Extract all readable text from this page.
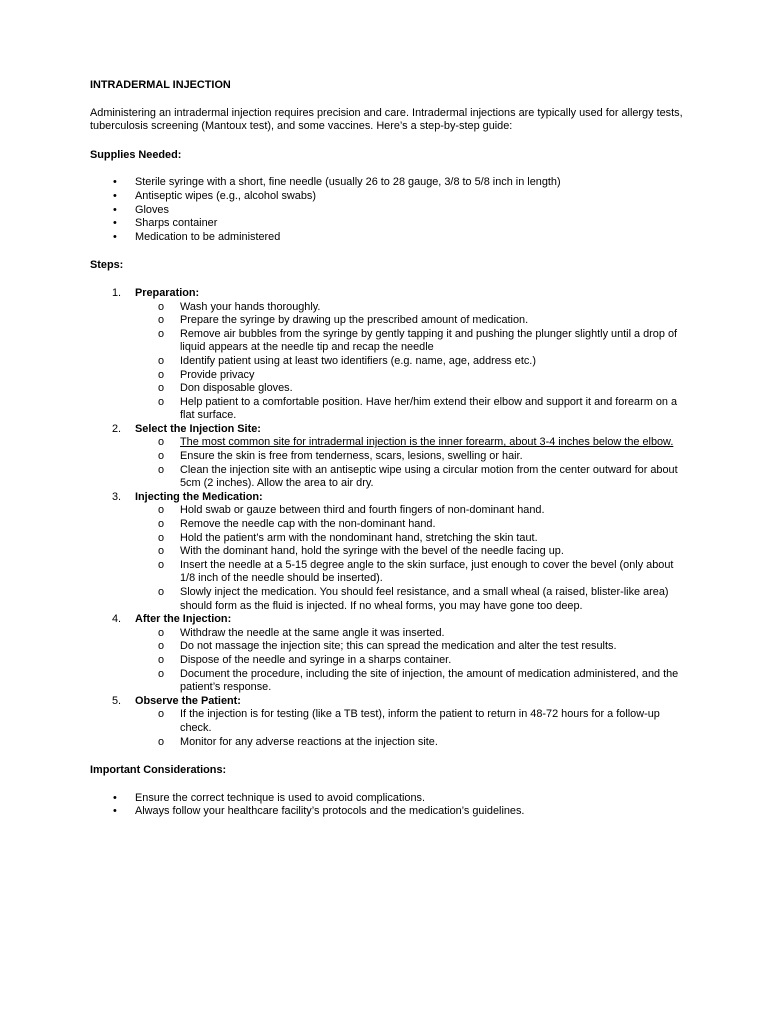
INTRADERMAL INJECTION

Administering an intradermal injection requires precision and care. Intradermal injections are typically used for allergy tests, tuberculosis screening (Mantoux test), and some vaccines. Here’s a step-by-step guide:

Supplies Needed:

• Sterile syringe with a short, fine needle (usually 26 to 28 gauge, 3/8 to 5/8 inch in length)
• Antiseptic wipes (e.g., alcohol swabs)
• Gloves
• Sharps container
• Medication to be administered

Steps:

1. Preparation:
o Wash your hands thoroughly.
o Prepare the syringe by drawing up the prescribed amount of medication.
o Remove air bubbles from the syringe by gently tapping it and pushing the plunger slightly until a drop of liquid appears at the needle tip and recap the needle
o Identify patient using at least two identifiers (e.g. name, age, address etc.)
o Provide privacy
o Don disposable gloves.
o Help patient to a comfortable position. Have her/him extend their elbow and support it and forearm on a flat surface.
2. Select the Injection Site:
o The most common site for intradermal injection is the inner forearm, about 3-4 inches below the elbow.
o Ensure the skin is free from tenderness, scars, lesions, swelling or hair.
o Clean the injection site with an antiseptic wipe using a circular motion from the center outward for about 5cm (2 inches). Allow the area to air dry.
3. Injecting the Medication:
o Hold swab or gauze between third and fourth fingers of non-dominant hand.
o Remove the needle cap with the non-dominant hand.
o Hold the patient’s arm with the nondominant hand, stretching the skin taut.
o With the dominant hand, hold the syringe with the bevel of the needle facing up.
o Insert the needle at a 5-15 degree angle to the skin surface, just enough to cover the bevel (only about 1/8 inch of the needle should be inserted).
o Slowly inject the medication. You should feel resistance, and a small wheal (a raised, blister-like area) should form as the fluid is injected. If no wheal forms, you may have gone too deep.
4. After the Injection:
o Withdraw the needle at the same angle it was inserted.
o Do not massage the injection site; this can spread the medication and alter the test results.
o Dispose of the needle and syringe in a sharps container.
o Document the procedure, including the site of injection, the amount of medication administered, and the patient’s response.
5. Observe the Patient:
o If the injection is for testing (like a TB test), inform the patient to return in 48-72 hours for a follow-up check.
o Monitor for any adverse reactions at the injection site.

Important Considerations:

• Ensure the correct technique is used to avoid complications.
• Always follow your healthcare facility’s protocols and the medication’s guidelines.
